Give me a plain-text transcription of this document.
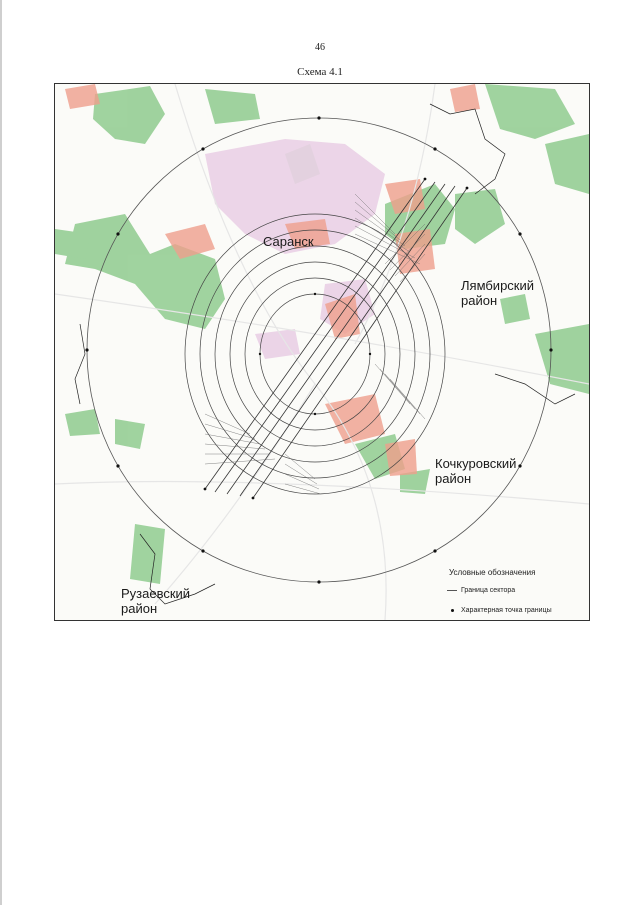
46
Схема 4.1
Саранск
Лямбирский район
Кочкуровский район
Рузаевский район
Условные обозначения
Граница сектора
Характерная точка границы
